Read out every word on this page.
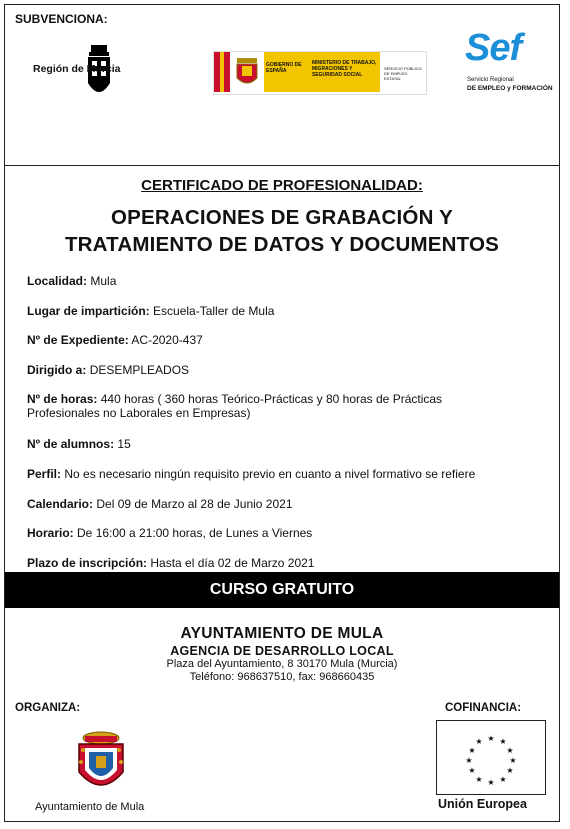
SUBVENCIONA:
Región de Murcia	GOBIERNO DE ESPAÑA
MINISTERIO DE TRABAJO, MIGRACIONES Y SEGURIDAD SOCIAL
SERVICIO PÚBLICO DE EMPLEO ESTATAL
Sef
Servicio Regional
DE EMPLEO y FORMACIÓN
CERTIFICADO DE PROFESIONALIDAD:
OPERACIONES DE GRABACIÓN Y
TRATAMIENTO DE DATOS Y DOCUMENTOS
Localidad: Mula
Lugar de impartición: Escuela-Taller de Mula
Nº de Expediente: AC-2020-437
Dirigido a: DESEMPLEADOS
Nº de horas: 440 horas ( 360 horas Teórico-Prácticas y 80 horas de Prácticas
Profesionales no Laborales en Empresas)
Nº de alumnos: 15
Perfil: No es necesario ningún requisito previo en cuanto a nivel formativo se refiere
Calendario: Del 09 de Marzo al 28 de Junio 2021
Horario: De 16:00 a 21:00 horas, de Lunes a Viernes
Plazo de inscripción: Hasta el día 02 de Marzo 2021
CURSO GRATUITO
AYUNTAMIENTO DE MULA
AGENCIA DE DESARROLLO LOCAL
Plaza del Ayuntamiento, 8 30170 Mula (Murcia)
Teléfono: 968637510, fax: 968660435
ORGANIZA:
Ayuntamiento de Mula
COFINANCIA:
★ ★
★
★
★
★
★
★
★
★
★
★
Unión Europea
